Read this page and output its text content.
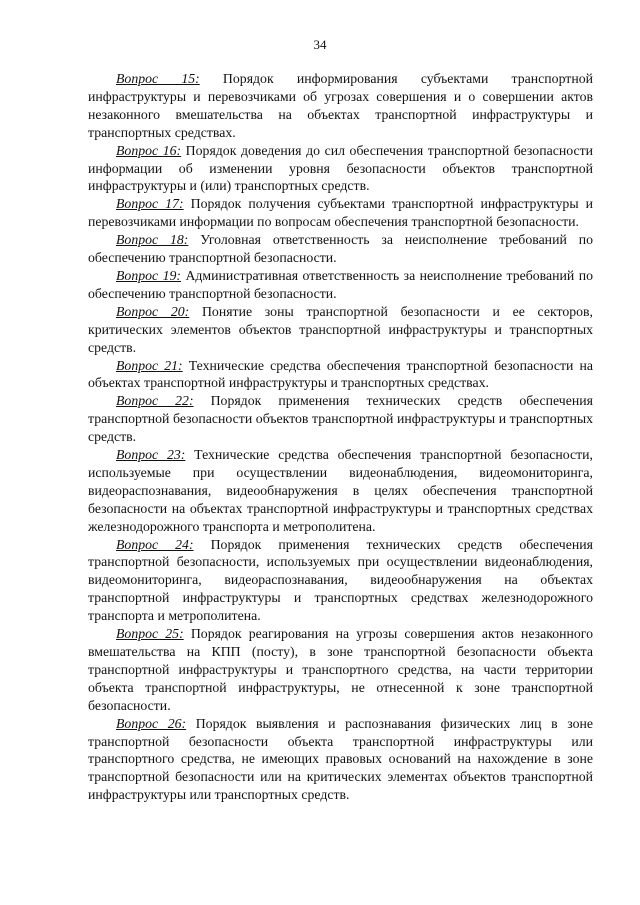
34

Вопрос 15: Порядок информирования субъектами транспортной инфраструктуры и перевозчиками об угрозах совершения и о совершении актов незаконного вмешательства на объектах транспортной инфраструктуры и транспортных средствах.

Вопрос 16: Порядок доведения до сил обеспечения транспортной безопасности информации об изменении уровня безопасности объектов транспортной инфраструктуры и (или) транспортных средств.

Вопрос 17: Порядок получения субъектами транспортной инфраструктуры и перевозчиками информации по вопросам обеспечения транспортной безопасности.

Вопрос 18: Уголовная ответственность за неисполнение требований по обеспечению транспортной безопасности.

Вопрос 19: Административная ответственность за неисполнение требований по обеспечению транспортной безопасности.

Вопрос 20: Понятие зоны транспортной безопасности и ее секторов, критических элементов объектов транспортной инфраструктуры и транспортных средств.

Вопрос 21: Технические средства обеспечения транспортной безопасности на объектах транспортной инфраструктуры и транспортных средствах.

Вопрос 22: Порядок применения технических средств обеспечения транспортной безопасности объектов транспортной инфраструктуры и транспортных средств.

Вопрос 23: Технические средства обеспечения транспортной безопасности, используемые при осуществлении видеонаблюдения, видеомониторинга, видеораспознавания, видеообнаружения в целях обеспечения транспортной безопасности на объектах транспортной инфраструктуры и транспортных средствах железнодорожного транспорта и метрополитена.

Вопрос 24: Порядок применения технических средств обеспечения транспортной безопасности, используемых при осуществлении видеонаблюдения, видеомониторинга, видеораспознавания, видеообнаружения на объектах транспортной инфраструктуры и транспортных средствах железнодорожного транспорта и метрополитена.

Вопрос 25: Порядок реагирования на угрозы совершения актов незаконного вмешательства на КПП (посту), в зоне транспортной безопасности объекта транспортной инфраструктуры и транспортного средства, на части территории объекта транспортной инфраструктуры, не отнесенной к зоне транспортной безопасности.

Вопрос 26: Порядок выявления и распознавания физических лиц в зоне транспортной безопасности объекта транспортной инфраструктуры или транспортного средства, не имеющих правовых оснований на нахождение в зоне транспортной безопасности или на критических элементах объектов транспортной инфраструктуры или транспортных средств.
